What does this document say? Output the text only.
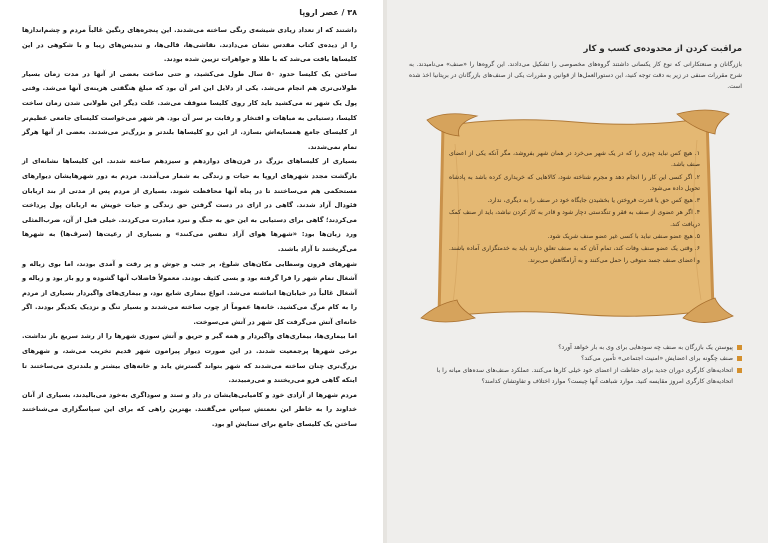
۳۸ / عصر اروپا

داشتند که از تعداد زیادی شیشه‌ی رنگی ساخته می‌شدند. این پنجره‌های رنگین غالباً مردم و چشم‌اندازها را از دیده‌ی کتاب مقدس نشان می‌دادند. نقاشی‌ها، قالی‌ها، و تندیس‌های زیبا و با شکوهی در این کلیساها یافت می‌شد که با طلا و جواهرات تزیین شده بودند.

ساختن یک کلیسا حدود ۵۰ سال طول می‌کشید، و حتی ساخت بعضی از آنها در مدت زمان بسیار طولانی‌تری هم انجام می‌شد. یکی از دلایل این امر آن بود که مبلغ هنگفتی هزینه‌ی آنها می‌شد. وقتی پول یک شهر ته می‌کشید باید کار روی کلیسا متوقف می‌شد. علت دیگر این طولانی شدن زمان ساخت کلیسا، دستیابی به مباهات و افتخار و رقابت بر سر آن بود. هر شهر می‌خواست کلیسای جامعی عظیم‌تر از کلیسای جامع همسایه‌اش بسازد. از این رو کلیساها بلندتر و بزرگ‌تر می‌شدند. بعضی از آنها هرگز تمام نمی‌شدند.

بسیاری از کلیساهای بزرگ در قرن‌های دوازدهم و سیزدهم ساخته شدند. این کلیساها نشانه‌ای از بازگشت مجدد شهرهای اروپا به حیات و زندگی به شمار می‌آمدند. مردم به دور شهرهایشان دیوارهای مستحکمی هم می‌ساختند تا در پناه آنها محافظت شوند. بسیاری از مردم پس از مدتی از بند اربابان فئودال آزاد شدند. گاهی در ازای در دست گرفتن حق زندگی و حیات خویش به اربابان پول پرداخت می‌کردند؛ گاهی برای دستیابی به این حق به جنگ و نبرد مبادرت می‌کردند. خیلی قبل از آن، ضرب‌المثلی ورد زبان‌ها بود: «شهرها هوای آزاد تنفس می‌کنند» و بسیاری از رعیت‌ها (سرف‌ها) به شهرها می‌گریختند تا آزاد باشند.

شهرهای قرون وسطایی مکان‌های شلوغ، پر جنب و جوش و پر رفت و آمدی بودند، اما بوی زباله و آشغال تمام شهر را فرا گرفته بود و بسی کثیف بودند. معمولاً فاضلاب آنها گشوده و رو باز بود و زباله و آشغال غالباً در خیابان‌ها انباشته می‌شد. انواع بیماری شایع بود، و بیماری‌های واگیردار بسیاری از مردم را به کام مرگ می‌کشید. خانه‌ها عموماً از چوب ساخته می‌شدند و بسیار تنگ و نزدیک یکدیگر بودند. اگر خانه‌ای آتش می‌گرفت کل شهر در آتش می‌سوخت.

اما بیماری‌ها، بیماری‌های واگیردار و همه گیر و حریق و آتش سوزی شهرها را از رشد سریع باز نداشت. برخی شهرها پرجمعیت شدند. در این صورت دیوار پیرامون شهر قدیم تخریب می‌شد، و شهرهای بزرگ‌تری چنان ساخته می‌شدند که شهر بتواند گسترش یابد و خانه‌های بیشتر و بلندتری می‌ساختند تا اینکه گاهی فرو می‌ریختند و می‌رمبیدند.

مردم شهرها از آزادی خود و کامیابی‌هایشان در داد و ستد و سوداگری به‌خود می‌بالیدند، بسیاری از آنان خداوند را به خاطر این نعمتش سپاس می‌گفتند. بهترین راهی که برای این سپاسگزاری می‌شناختند ساختن یک کلیسای جامع برای ستایش او بود.

مراقبت کردن از محدوده‌ی کسب و کار

بازرگانان و صنعتکارانی که نوع کار یکسانی داشتند گروه‌های مخصوصی را تشکیل می‌دادند. این گروه‌ها را «صنف» می‌نامیدند. به شرح مقررات صنفی در زیر به دقت توجه کنید، این دستورالعمل‌ها از قوانین و مقررات یکی از صنف‌های بازرگانان در بریتانیا اخذ شده است.

۱. هیچ کس نباید چیزی را که در یک شهر می‌خرد در همان شهر بفروشد، مگر آنکه یکی از اعضای صنف باشد.
۲. اگر کسی این کار را انجام دهد و مجرم شناخته شود، کالاهایی که خریداری کرده باشد به پادشاه تحویل داده می‌شود.
۳. هیچ کس حق یا قدرت فروختن یا بخشیدن جایگاه خود در صنف را به دیگری، ندارد.
۴. اگر هر عضوی از صنف به فقر و تنگدستی دچار شود و قادر به کار کردن نباشد، باید از صنف کمک دریافت کند.
۵. هیچ عضو صنفی نباید با کسی غیر عضو صنف شریک شود.
۶. وقتی یک عضو صنف وفات کند، تمام آنان که به صنف تعلق دارند باید به خدمتگزاری آماده باشند. و اعضای صنف جسد متوفی را حمل می‌کنند و به آرامگاهش می‌برند.
پیوستن یک بازرگان به صنف چه سودهایی برای وی به بار خواهد آورد؟
صنف چگونه برای اعضایش «امنیت اجتماعی» تأمین می‌کند؟
اتحادیه‌های کارگری دوران جدید برای حفاظت از اعضای خود خیلی کارها می‌کنند. عملکرد صنف‌های سده‌های میانه را با اتحادیه‌های کارگری امروز مقایسه کنید. موارد شباهت آنها چیست؟ موارد اختلاف و تفاوتشان کدامند؟
